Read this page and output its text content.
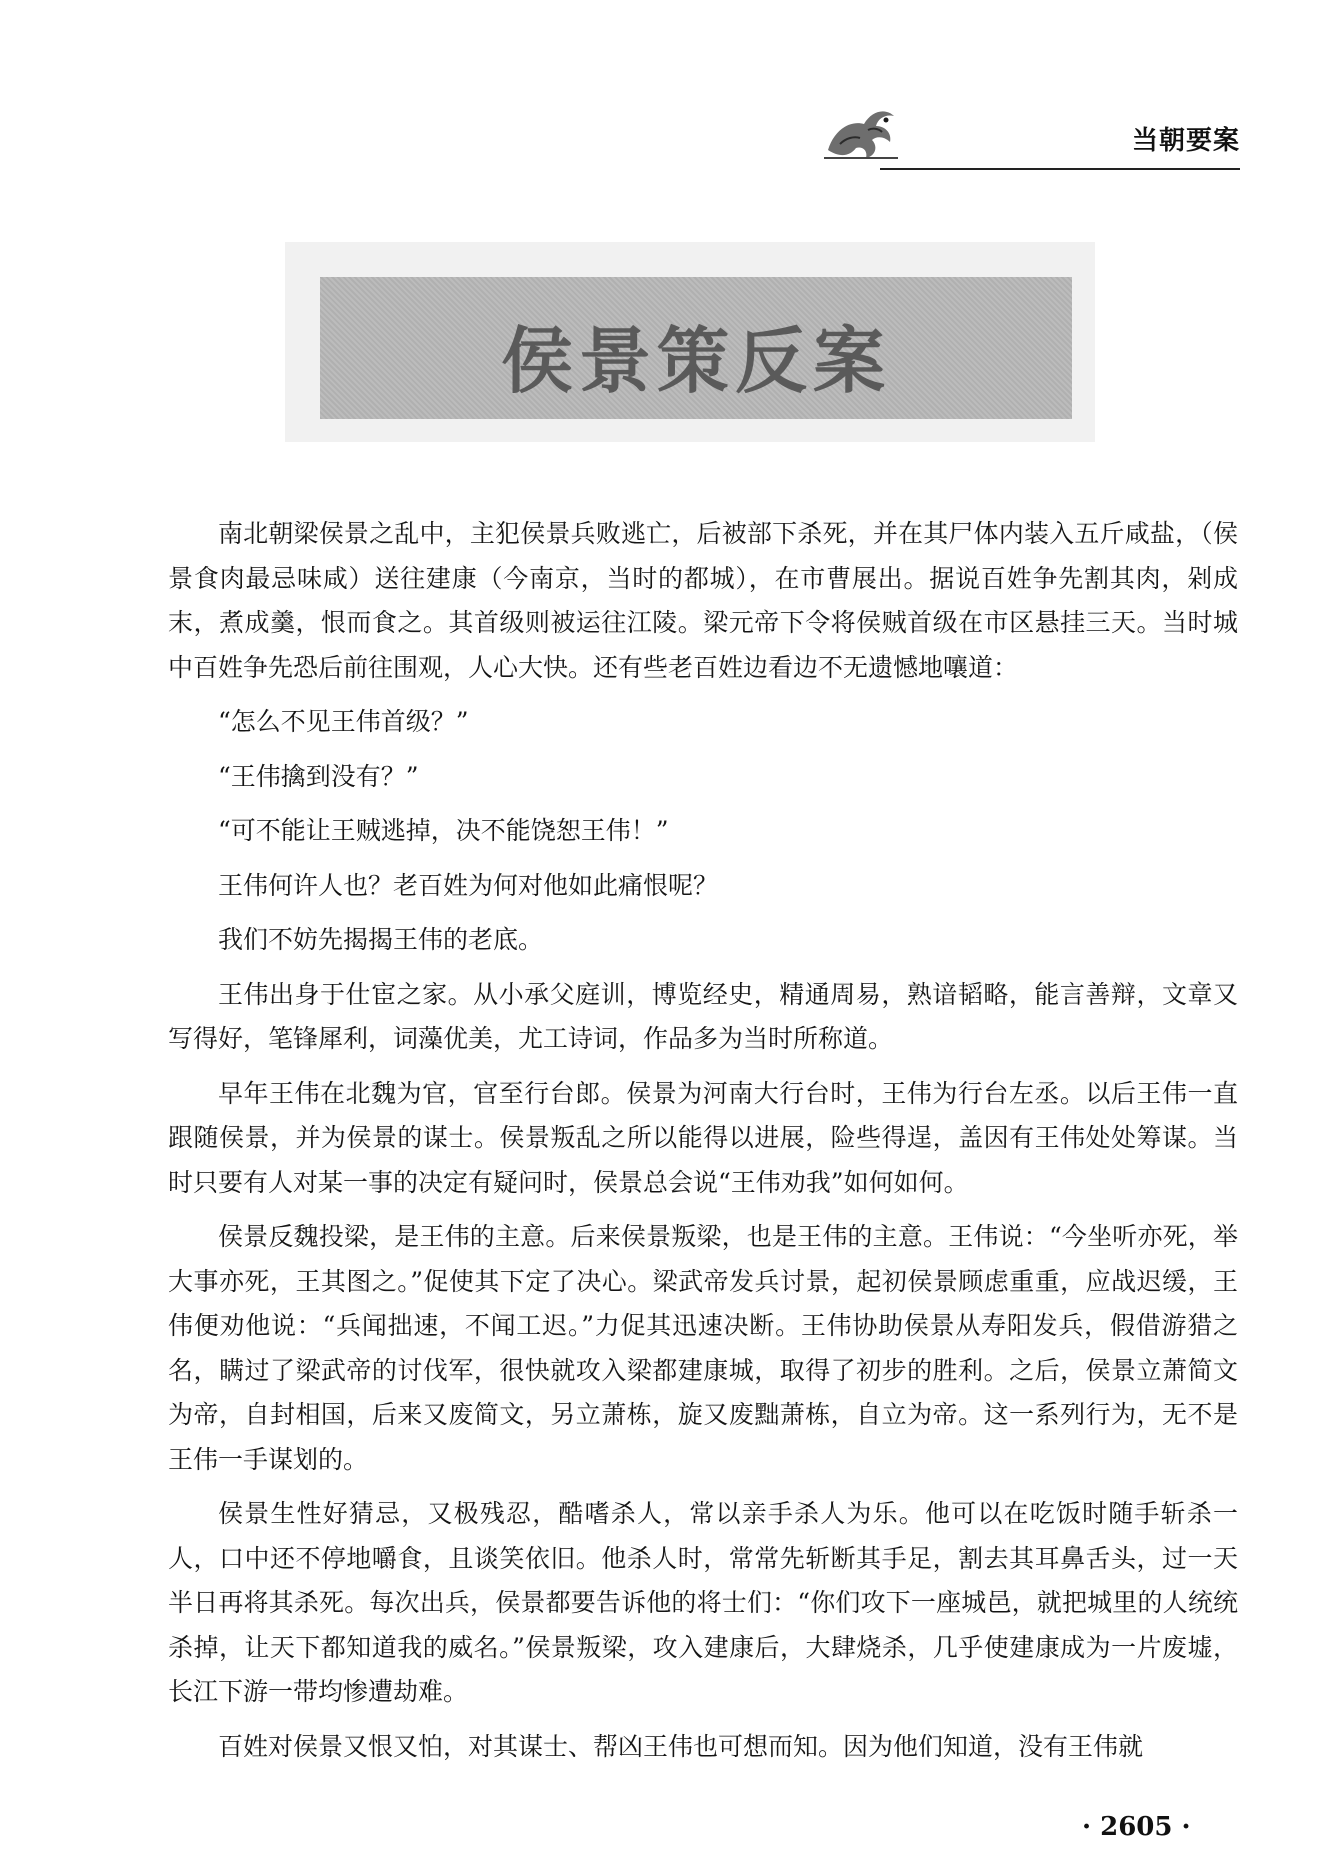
当朝要案
侯景策反案

南北朝梁侯景之乱中，主犯侯景兵败逃亡，后被部下杀死，并在其尸体内装入五斤咸盐，（侯景食肉最忌味咸）送往建康（今南京，当时的都城），在市曹展出。据说百姓争先割其肉，剁成末，煮成羹，恨而食之。其首级则被运往江陵。梁元帝下令将侯贼首级在市区悬挂三天。当时城中百姓争先恐后前往围观，人心大快。还有些老百姓边看边不无遗憾地嚷道：

“怎么不见王伟首级？”

“王伟擒到没有？”

“可不能让王贼逃掉，决不能饶恕王伟！”

王伟何许人也？老百姓为何对他如此痛恨呢？

我们不妨先揭揭王伟的老底。

王伟出身于仕宦之家。从小承父庭训，博览经史，精通周易，熟谙韬略，能言善辩，文章又写得好，笔锋犀利，词藻优美，尤工诗词，作品多为当时所称道。

早年王伟在北魏为官，官至行台郎。侯景为河南大行台时，王伟为行台左丞。以后王伟一直跟随侯景，并为侯景的谋士。侯景叛乱之所以能得以进展，险些得逞，盖因有王伟处处筹谋。当时只要有人对某一事的决定有疑问时，侯景总会说“王伟劝我”如何如何。

侯景反魏投梁，是王伟的主意。后来侯景叛梁，也是王伟的主意。王伟说：“今坐听亦死，举大事亦死，王其图之。”促使其下定了决心。梁武帝发兵讨景，起初侯景顾虑重重，应战迟缓，王伟便劝他说：“兵闻拙速，不闻工迟。”力促其迅速决断。王伟协助侯景从寿阳发兵，假借游猎之名，瞒过了梁武帝的讨伐军，很快就攻入梁都建康城，取得了初步的胜利。之后，侯景立萧简文为帝，自封相国，后来又废简文，另立萧栋，旋又废黜萧栋，自立为帝。这一系列行为，无不是王伟一手谋划的。

侯景生性好猜忌，又极残忍，酷嗜杀人，常以亲手杀人为乐。他可以在吃饭时随手斩杀一人，口中还不停地嚼食，且谈笑依旧。他杀人时，常常先斩断其手足，割去其耳鼻舌头，过一天半日再将其杀死。每次出兵，侯景都要告诉他的将士们：“你们攻下一座城邑，就把城里的人统统杀掉，让天下都知道我的威名。”侯景叛梁，攻入建康后，大肆烧杀，几乎使建康成为一片废墟，长江下游一带均惨遭劫难。

百姓对侯景又恨又怕，对其谋士、帮凶王伟也可想而知。因为他们知道，没有王伟就

· 2605 ·
